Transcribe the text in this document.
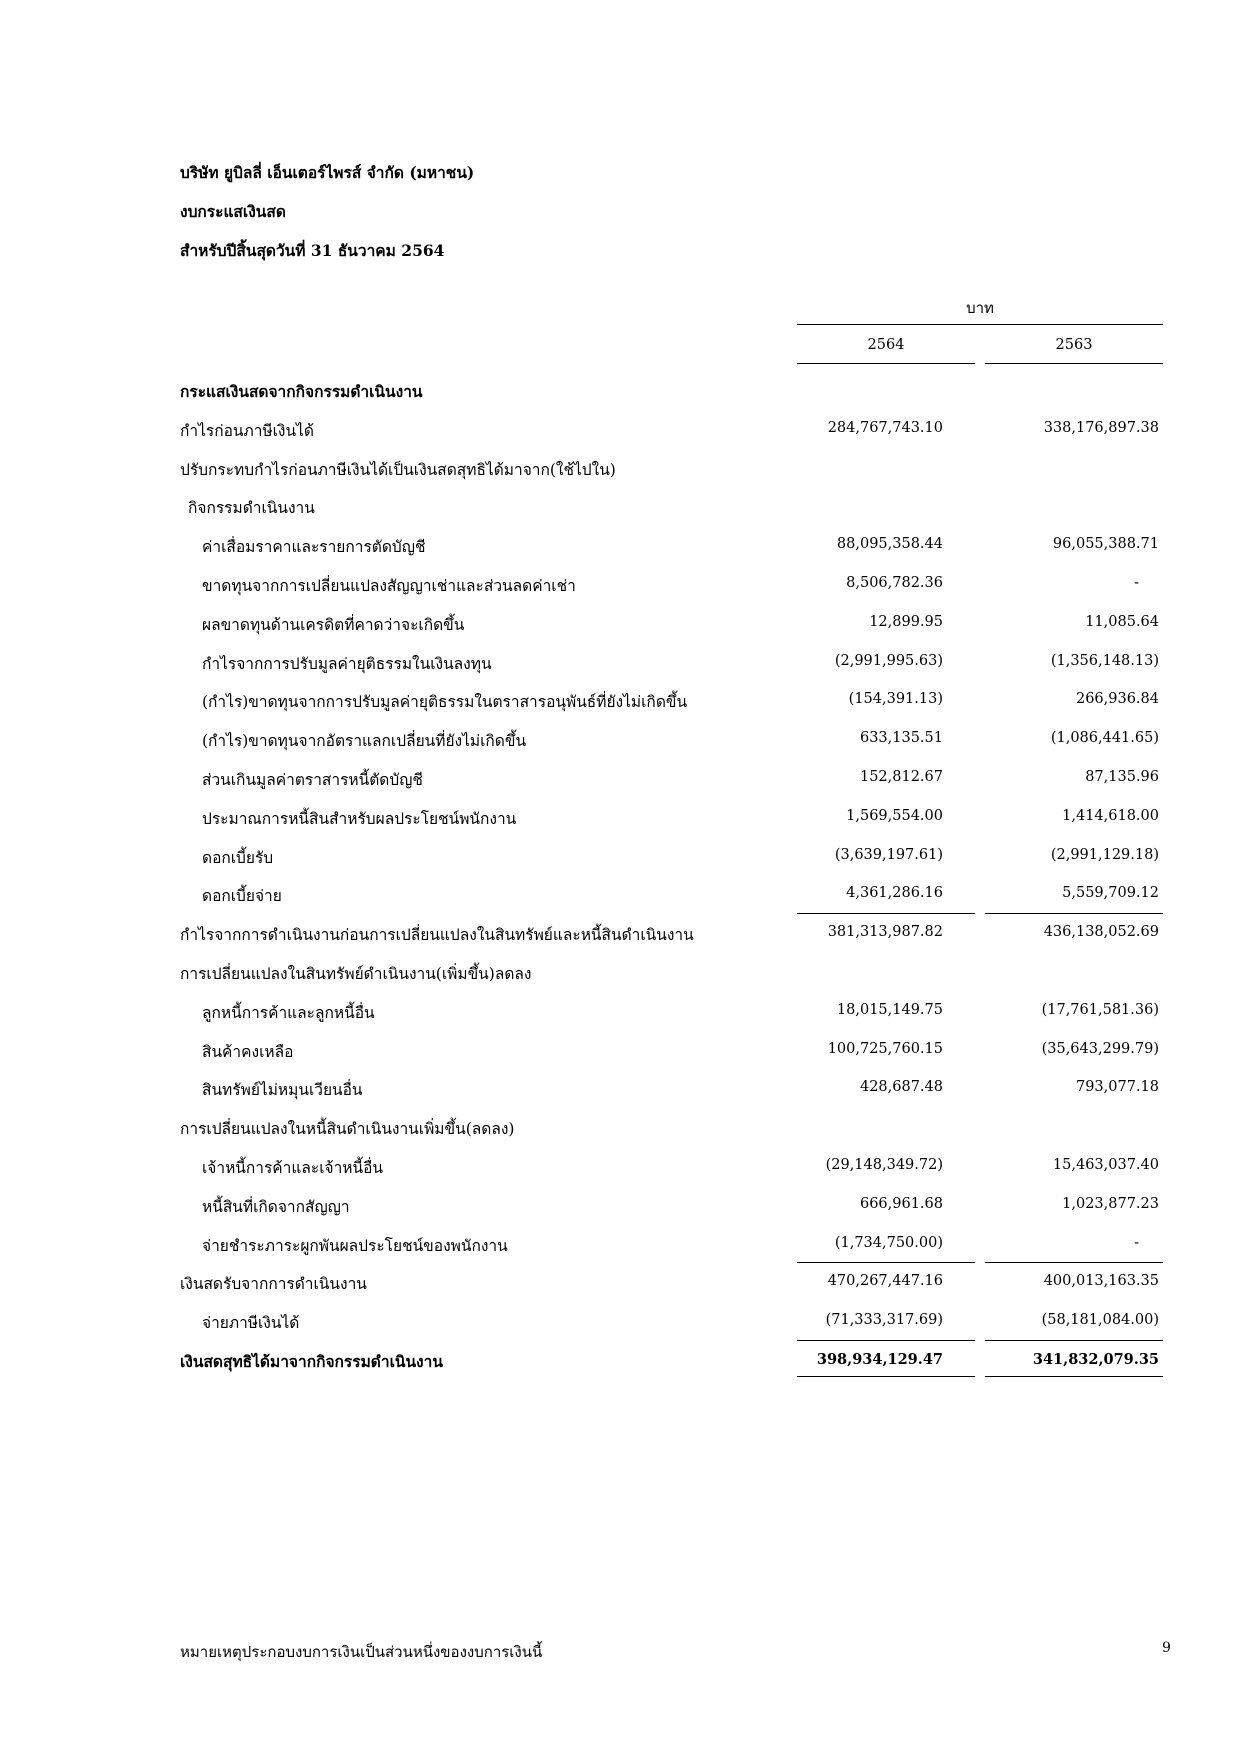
บริษัท ยูบิลลี่ เอ็นเตอร์ไพรส์ จำกัด (มหาชน)
งบกระแสเงินสด
สำหรับปีสิ้นสุดวันที่ 31 ธันวาคม 2564
บาท
2564	2563
กระแสเงินสดจากกิจกรรมดำเนินงาน
กำไรก่อนภาษีเงินได้	284,767,743.10	338,176,897.38
ปรับกระทบกำไรก่อนภาษีเงินได้เป็นเงินสดสุทธิได้มาจาก(ใช้ไปใน)
กิจกรรมดำเนินงาน
ค่าเสื่อมราคาและรายการตัดบัญชี	88,095,358.44	96,055,388.71
ขาดทุนจากการเปลี่ยนแปลงสัญญาเช่าและส่วนลดค่าเช่า	8,506,782.36	-
ผลขาดทุนด้านเครดิตที่คาดว่าจะเกิดขึ้น	12,899.95	11,085.64
กำไรจากการปรับมูลค่ายุติธรรมในเงินลงทุน	(2,991,995.63)	(1,356,148.13)
(กำไร)ขาดทุนจากการปรับมูลค่ายุติธรรมในตราสารอนุพันธ์ที่ยังไม่เกิดขึ้น	(154,391.13)	266,936.84
(กำไร)ขาดทุนจากอัตราแลกเปลี่ยนที่ยังไม่เกิดขึ้น	633,135.51	(1,086,441.65)
ส่วนเกินมูลค่าตราสารหนี้ตัดบัญชี	152,812.67	87,135.96
ประมาณการหนี้สินสำหรับผลประโยชน์พนักงาน	1,569,554.00	1,414,618.00
ดอกเบี้ยรับ	(3,639,197.61)	(2,991,129.18)
ดอกเบี้ยจ่าย	4,361,286.16	5,559,709.12
กำไรจากการดำเนินงานก่อนการเปลี่ยนแปลงในสินทรัพย์และหนี้สินดำเนินงาน	381,313,987.82	436,138,052.69
การเปลี่ยนแปลงในสินทรัพย์ดำเนินงาน(เพิ่มขึ้น)ลดลง
ลูกหนี้การค้าและลูกหนี้อื่น	18,015,149.75	(17,761,581.36)
สินค้าคงเหลือ	100,725,760.15	(35,643,299.79)
สินทรัพย์ไม่หมุนเวียนอื่น	428,687.48	793,077.18
การเปลี่ยนแปลงในหนี้สินดำเนินงานเพิ่มขึ้น(ลดลง)
เจ้าหนี้การค้าและเจ้าหนี้อื่น	(29,148,349.72)	15,463,037.40
หนี้สินที่เกิดจากสัญญา	666,961.68	1,023,877.23
จ่ายชำระภาระผูกพันผลประโยชน์ของพนักงาน	(1,734,750.00)	-
เงินสดรับจากการดำเนินงาน	470,267,447.16	400,013,163.35
จ่ายภาษีเงินได้	(71,333,317.69)	(58,181,084.00)
เงินสดสุทธิได้มาจากกิจกรรมดำเนินงาน	398,934,129.47	341,832,079.35
หมายเหตุประกอบงบการเงินเป็นส่วนหนึ่งของงบการเงินนี้	9
